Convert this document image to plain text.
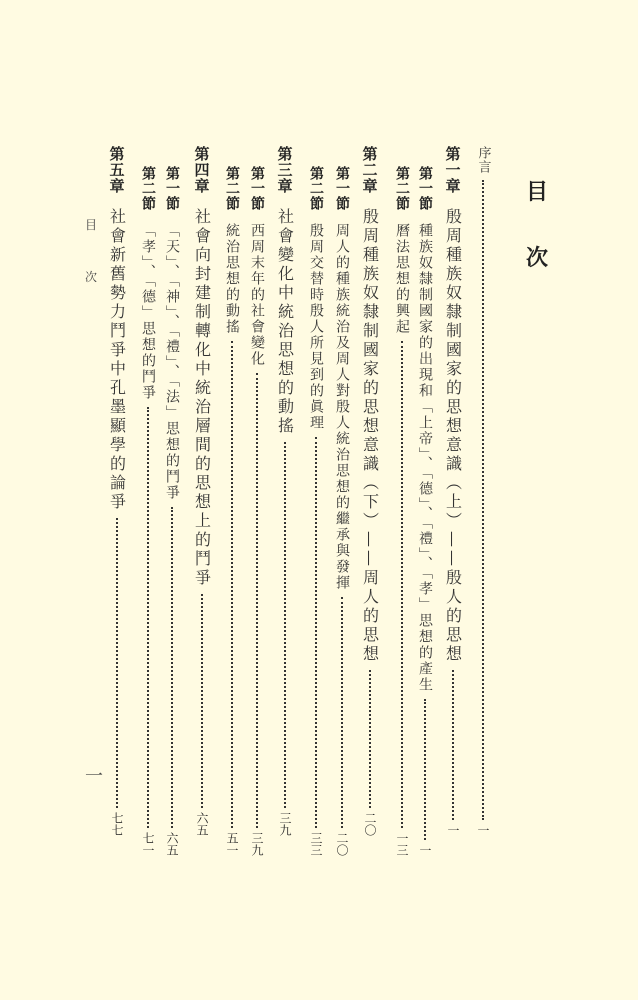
目
次
序言
一
第一章
殷周種族奴隸制國家的思想意識（上）——殷人的思想
一
第一節
種族奴隸制國家的出現和「上帝」、「德」、「禮」、「孝」思想的產生
一
第二節
曆法思想的興起
一三
第二章
殷周種族奴隸制國家的思想意識（下）——周人的思想
二〇
第一節
周人的種族統治及周人對殷人統治思想的繼承與發揮
二〇
第二節
殷周交替時殷人所見到的眞理
三三
第三章
社會變化中統治思想的動搖
三九
第一節
西周末年的社會變化
三九
第二節
統治思想的動搖
五一
第四章
社會向封建制轉化中統治層間的思想上的鬥爭
六五
第一節
「天」、「神」、「禮」、「法」思想的鬥爭
六五
第二節
「孝」、「德」思想的鬥爭
七一
第五章
社會新舊勢力鬥爭中孔墨顯學的論爭
七七
目
次
一
